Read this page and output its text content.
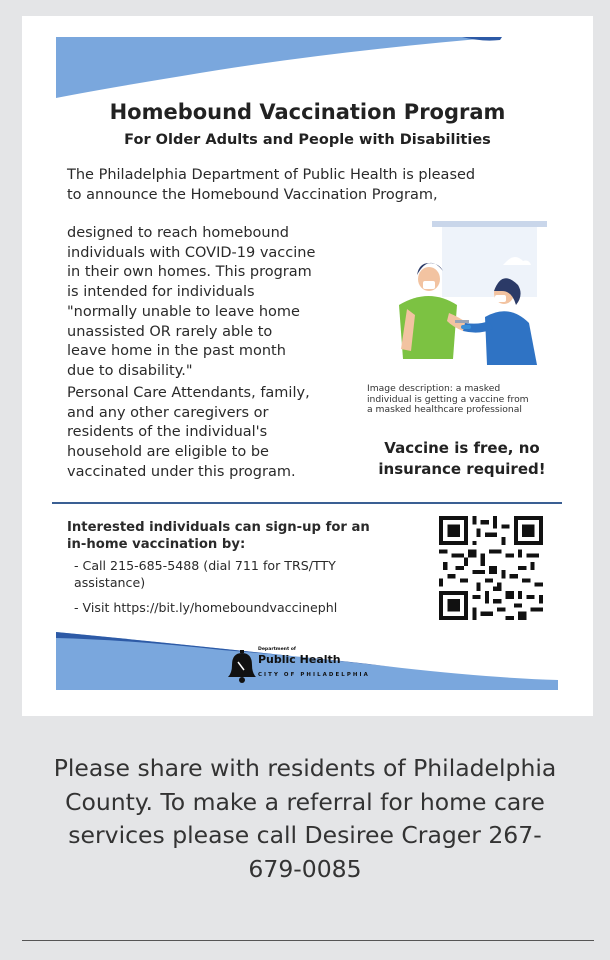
Homebound Vaccination Program
For Older Adults and People with Disabilities

The Philadelphia Department of Public Health is pleased
to announce the Homebound Vaccination Program,

designed to reach homebound
individuals with COVID-19 vaccine
in their own homes. This program
is intended for individuals
"normally unable to leave home
unassisted OR rarely able to
leave home in the past month
due to disability."

Personal Care Attendants, family,
and any other caregivers or
residents of the individual's
household are eligible to be
vaccinated under this program.

Image description: a masked
individual is getting a vaccine from
a masked healthcare professional

Vaccine is free, no
insurance required!

Interested individuals can sign-up for an
in-home vaccination by:

- Call 215-685-5488 (dial 711 for TRS/TTY
assistance)

- Visit https://bit.ly/homeboundvaccinephl

Department of

Public Health

CITY OF PHILADELPHIA

Please share with residents of Philadelphia
County. To make a referral for home care
services please call Desiree Crager 267-
679-0085
